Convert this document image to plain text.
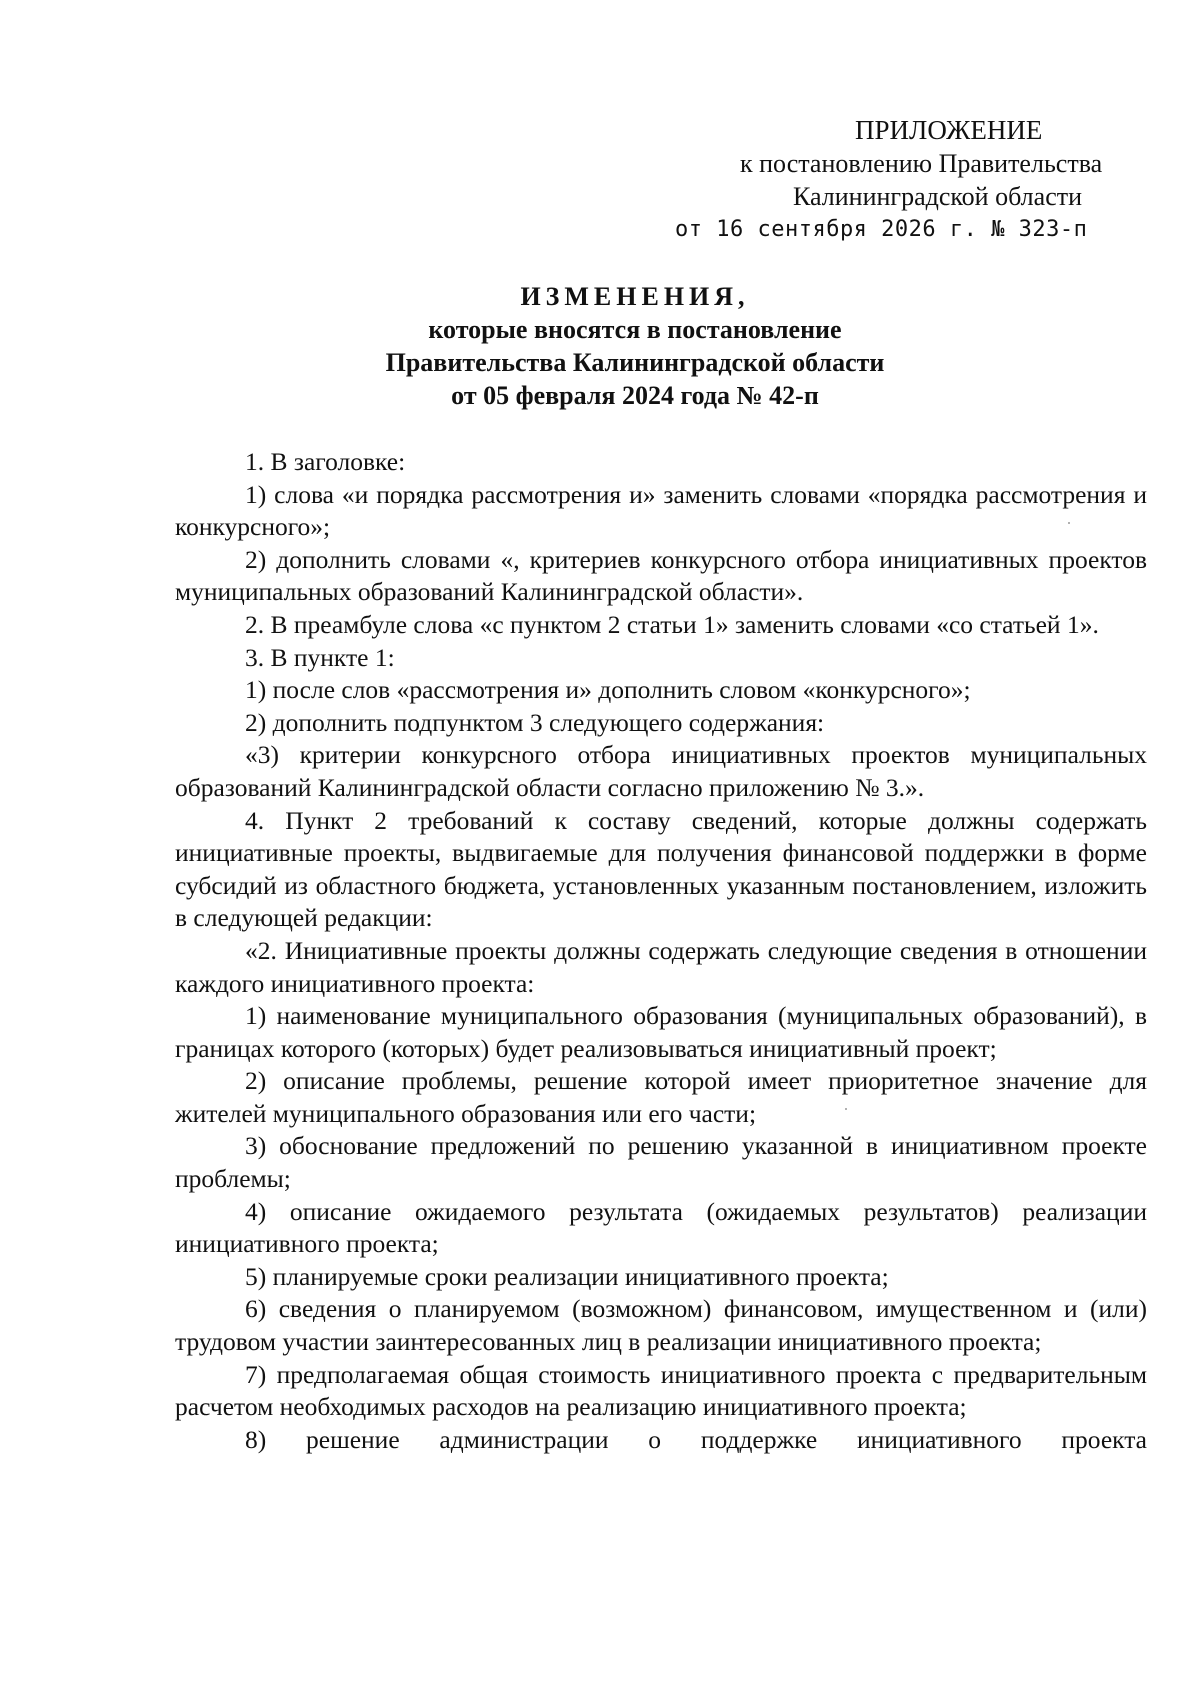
ПРИЛОЖЕНИЕ
к постановлению Правительства
Калининградской области
от 16 сентября 2026 г. № 323-п
ИЗМЕНЕНИЯ,
которые вносятся в постановление
Правительства Калининградской области
от 05 февраля 2024 года № 42-п

1. В заголовке:

1) слова «и порядка рассмотрения и» заменить словами «порядка рассмотрения и конкурсного»;

2) дополнить словами «, критериев конкурсного отбора инициативных проектов муниципальных образований Калининградской области».

2. В преамбуле слова «с пунктом 2 статьи 1» заменить словами «со статьей 1».

3. В пункте 1:

1) после слов «рассмотрения и» дополнить словом «конкурсного»;

2) дополнить подпунктом 3 следующего содержания:

«3) критерии конкурсного отбора инициативных проектов муниципальных образований Калининградской области согласно приложению № 3.».

4. Пункт 2 требований к составу сведений, которые должны содержать инициативные проекты, выдвигаемые для получения финансовой поддержки в форме субсидий из областного бюджета, установленных указанным постановлением, изложить в следующей редакции:

«2. Инициативные проекты должны содержать следующие сведения в отношении каждого инициативного проекта:

1) наименование муниципального образования (муниципальных образований), в границах которого (которых) будет реализовываться инициативный проект;

2) описание проблемы, решение которой имеет приоритетное значение для жителей муниципального образования или его части;

3) обоснование предложений по решению указанной в инициативном проекте проблемы;

4) описание ожидаемого результата (ожидаемых результатов) реализации инициативного проекта;

5) планируемые сроки реализации инициативного проекта;

6) сведения о планируемом (возможном) финансовом, имущественном и (или) трудовом участии заинтересованных лиц в реализации инициативного проекта;

7) предполагаемая общая стоимость инициативного проекта с предварительным расчетом необходимых расходов на реализацию инициативного проекта;

8) решение администрации о поддержке инициативного проекта
